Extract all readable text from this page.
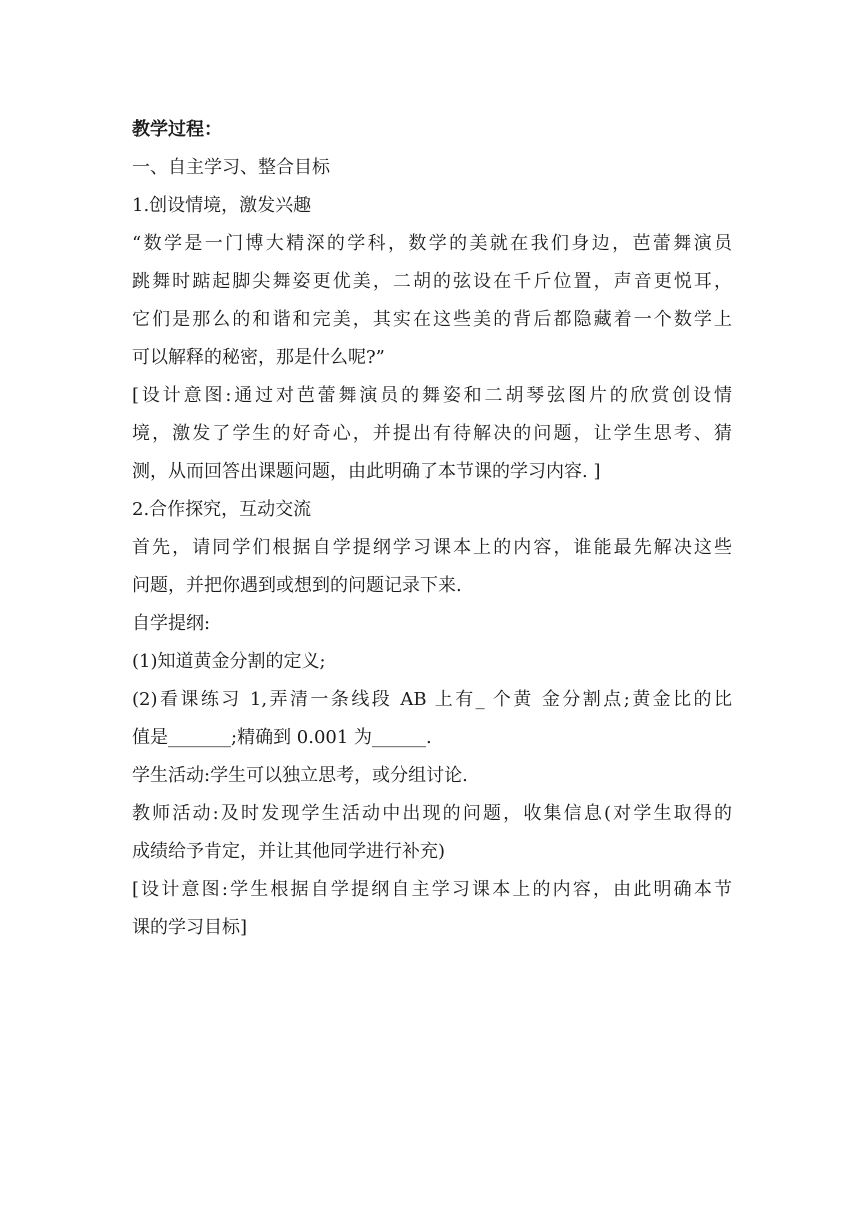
教学过程：
一、自主学习、整合目标
1.创设情境，激发兴趣
“数学是一门博大精深的学科，数学的美就在我们身边，芭蕾舞演员
跳舞时踮起脚尖舞姿更优美，二胡的弦设在千斤位置，声音更悦耳，
它们是那么的和谐和完美，其实在这些美的背后都隐藏着一个数学上
可以解释的秘密，那是什么呢?”
[设计意图:通过对芭蕾舞演员的舞姿和二胡琴弦图片的欣赏创设情
境，激发了学生的好奇心，并提出有待解决的问题，让学生思考、猜
测，从而回答出课题问题，由此明确了本节课的学习内容. ]
2.合作探究，互动交流
首先，请同学们根据自学提纲学习课本上的内容，谁能最先解决这些
问题，并把你遇到或想到的问题记录下来.
自学提纲:
(1)知道黄金分割的定义;
(2)看课练习 1,弄清一条线段 AB 上有_ 个黄 金分割点;黄金比的比
值是_______;精确到 0.001 为______.
学生活动:学生可以独立思考，或分组讨论.
教师活动:及时发现学生活动中出现的问题，收集信息(对学生取得的
成绩给予肯定，并让其他同学进行补充)
[设计意图:学生根据自学提纲自主学习课本上的内容，由此明确本节
课的学习目标]
